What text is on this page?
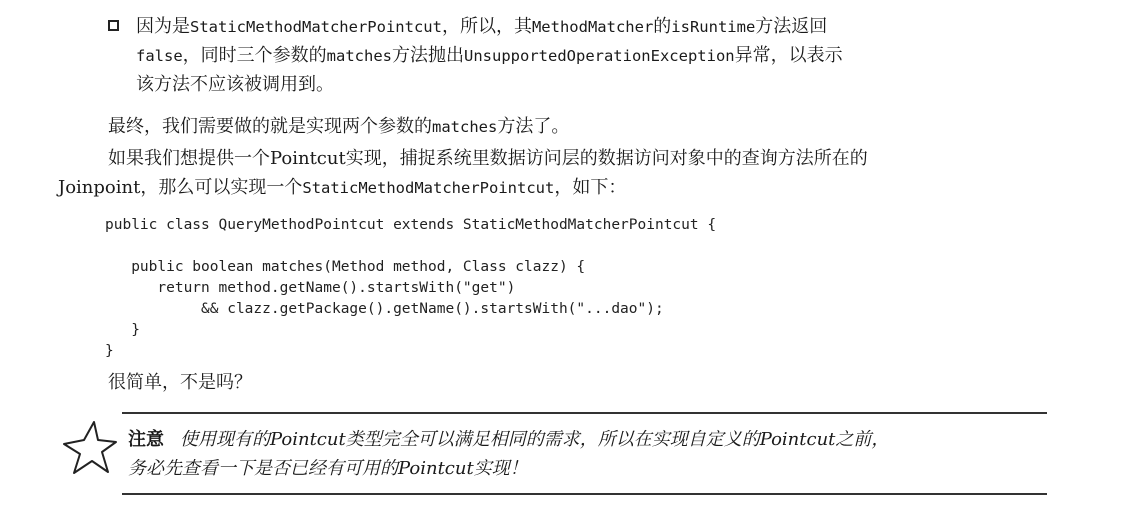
因为是StaticMethodMatcherPointcut，所以，其MethodMatcher的isRuntime方法返回
false，同时三个参数的matches方法抛出UnsupportedOperationException异常，以表示
该方法不应该被调用到。
最终，我们需要做的就是实现两个参数的matches方法了。
如果我们想提供一个Pointcut实现，捕捉系统里数据访问层的数据访问对象中的查询方法所在的
Joinpoint，那么可以实现一个StaticMethodMatcherPointcut，如下：
public class QueryMethodPointcut extends StaticMethodMatcherPointcut {
public boolean matches(Method method, Class clazz) {
return method.getName().startsWith("get")
&& clazz.getPackage().getName().startsWith("...dao");
}
}
很简单，不是吗？
注意 使用现有的Pointcut类型完全可以满足相同的需求，所以在实现自定义的Pointcut之前，
务必先查看一下是否已经有可用的Pointcut实现！
